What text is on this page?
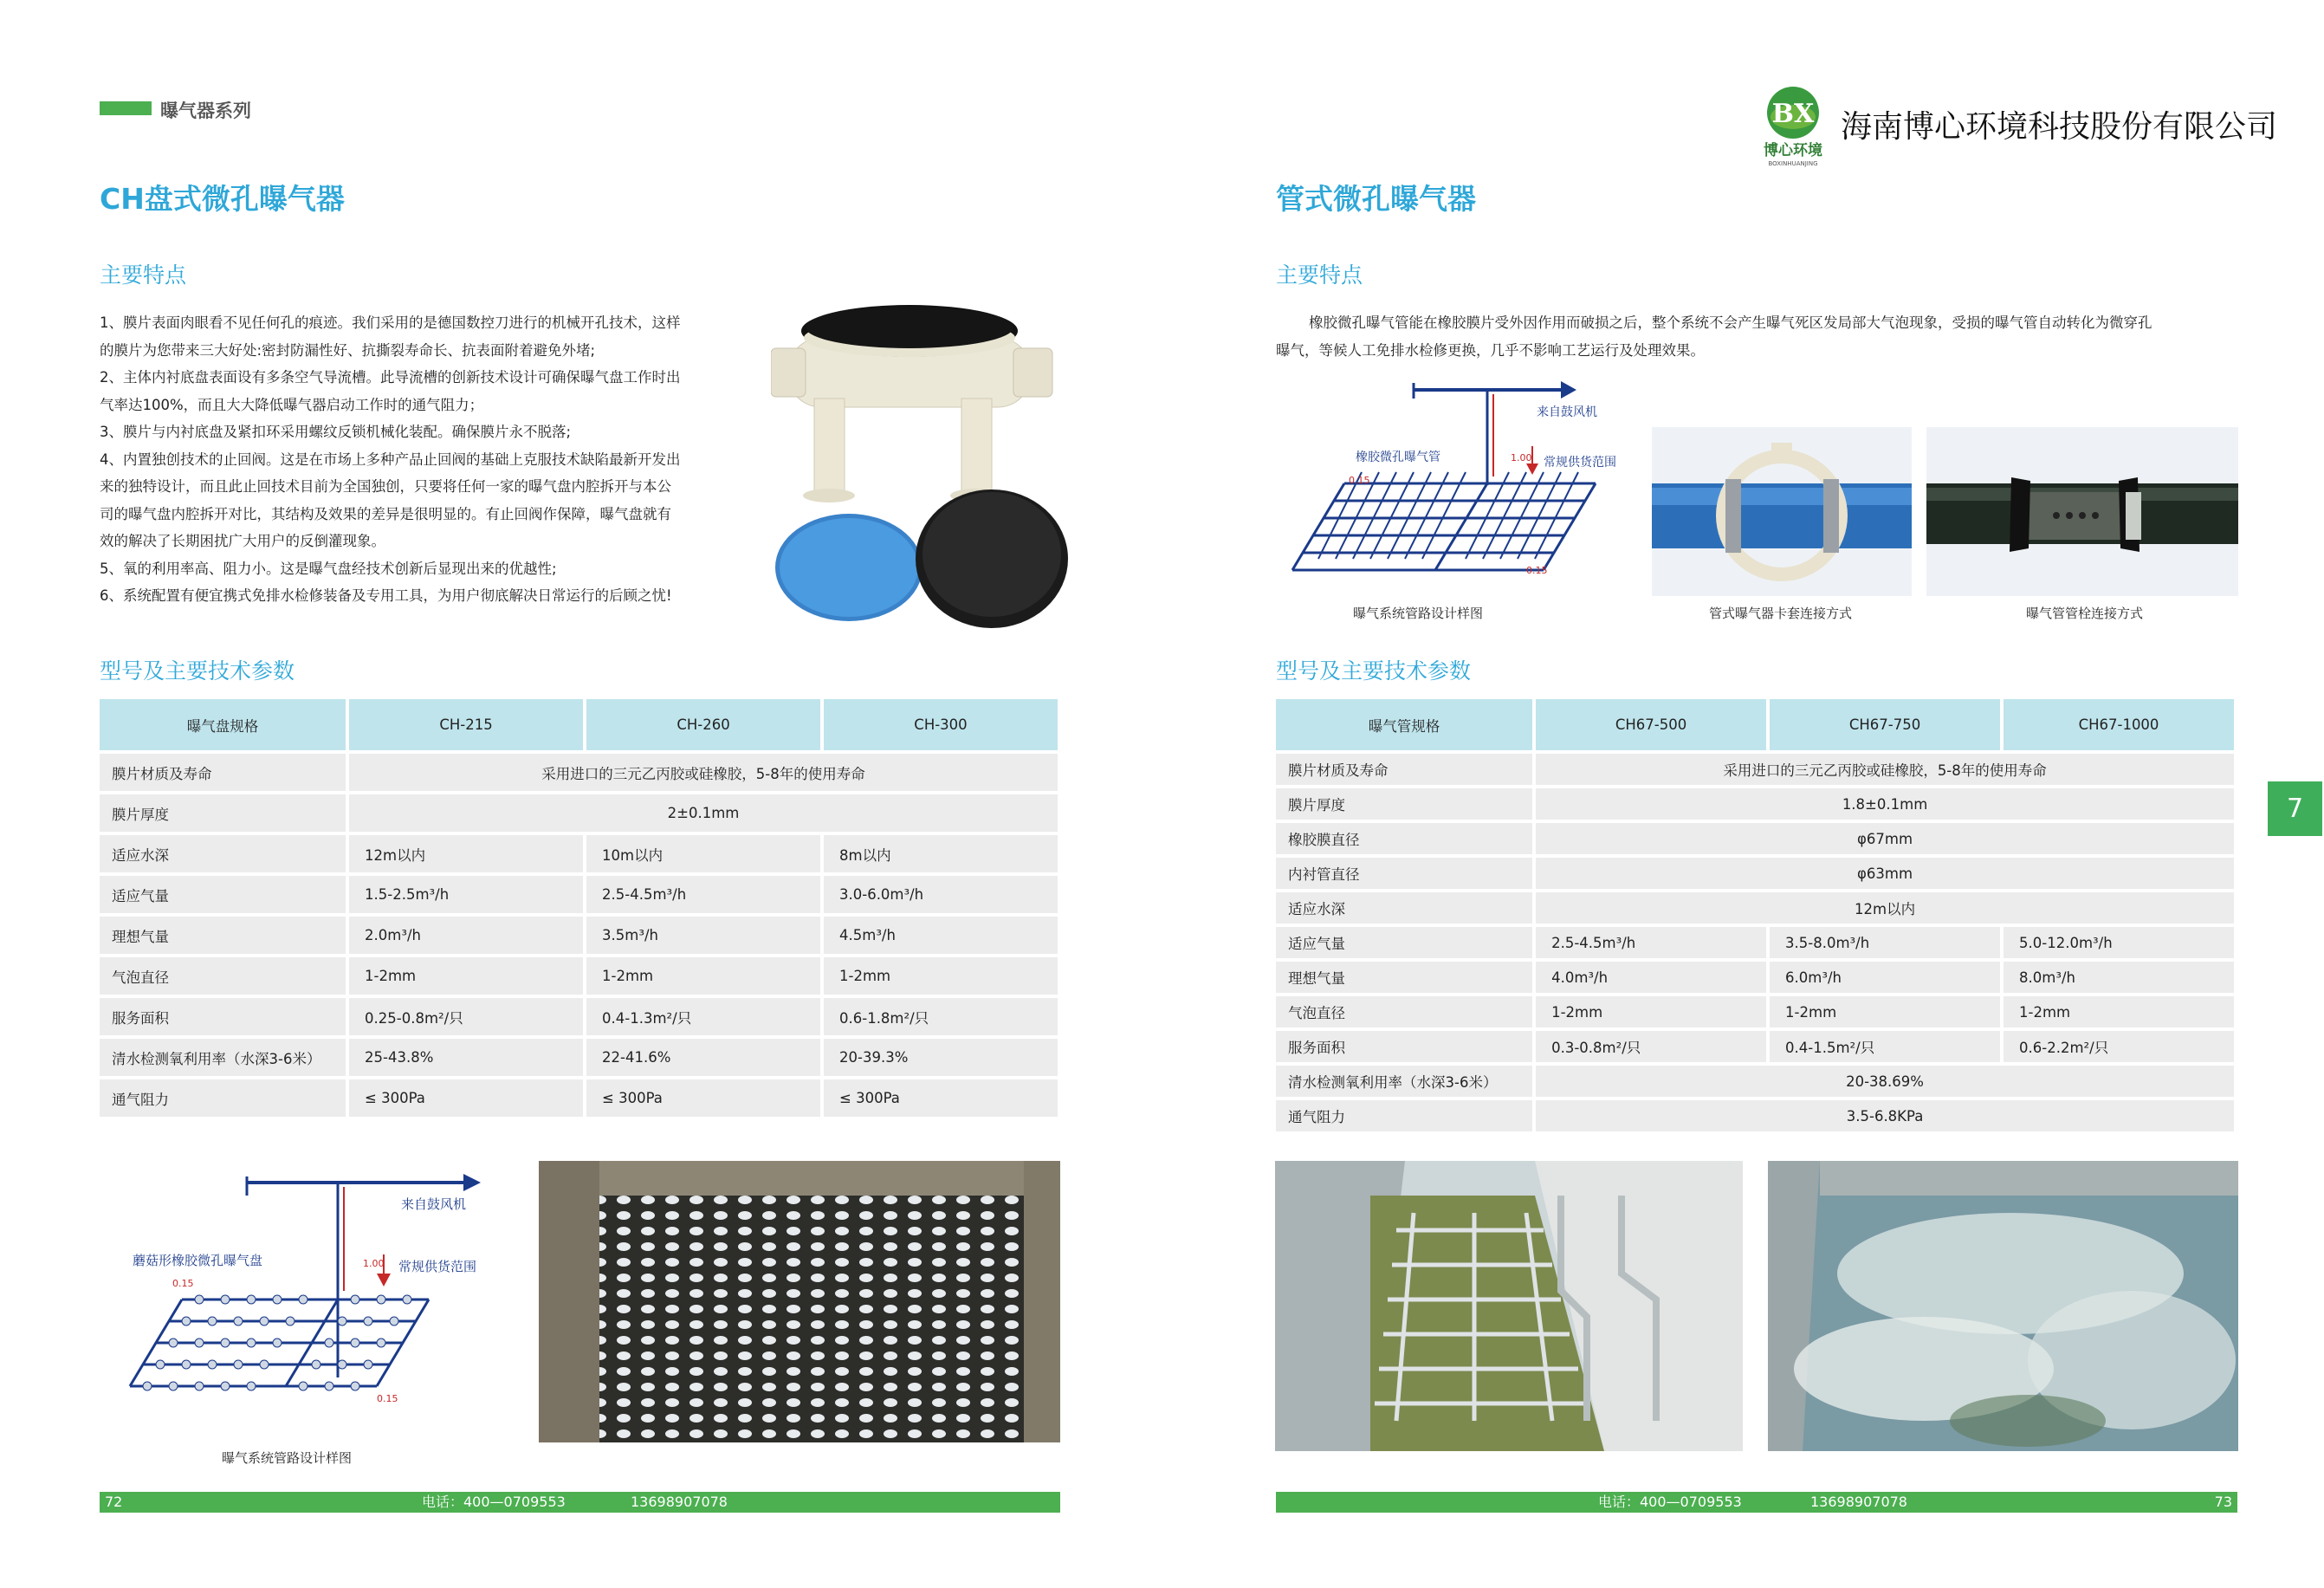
曝气器系列	BX
博心环境
BOXINHUANJING
海南博心环境科技股份有限公司
7
CH盘式微孔曝气器
主要特点
1、膜片表面肉眼看不见任何孔的痕迹。我们采用的是德国数控刀进行的机械开孔技术，这样
的膜片为您带来三大好处:密封防漏性好、抗撕裂寿命长、抗表面附着避免外堵;
2、主体内衬底盘表面设有多条空气导流槽。此导流槽的创新技术设计可确保曝气盘工作时出
气率达100%，而且大大降低曝气器启动工作时的通气阻力；
3、膜片与内衬底盘及紧扣环采用螺纹反锁机械化装配。确保膜片永不脱落;
4、内置独创技术的止回阀。这是在市场上多种产品止回阀的基础上克服技术缺陷最新开发出
来的独特设计，而且此止回技术目前为全国独创，只要将任何一家的曝气盘内腔拆开与本公
司的曝气盘内腔拆开对比，其结构及效果的差异是很明显的。有止回阀作保障，曝气盘就有
效的解决了长期困扰广大用户的反倒灌现象。
5、氧的利用率高、阻力小。这是曝气盘经技术创新后显现出来的优越性;
6、系统配置有便宜携式免排水检修装备及专用工具，为用户彻底解决日常运行的后顾之忧!
型号及主要技术参数
曝气盘规格	CH-215	CH-260	CH-300
膜片材质及寿命	采用进口的三元乙丙胶或硅橡胶，5-8年的使用寿命		
膜片厚度	2±0.1mm		
适应水深	12m以内	10m以内	8m以内
适应气量	1.5-2.5m³/h	2.5-4.5m³/h	3.0-6.0m³/h
理想气量	2.0m³/h	3.5m³/h	4.5m³/h
气泡直径	1-2mm	1-2mm	1-2mm
服务面积	0.25-0.8m²/只	0.4-1.3m²/只	0.6-1.8m²/只
清水检测氧利用率（水深3-6米）	25-43.8%	22-41.6%	20-39.3%
通气阻力	≤ 300Pa	≤ 300Pa	≤ 300Pa
来自鼓风机
蘑菇形橡胶微孔曝气盘	常规供货范围
0.15
1.00
0.15
曝气系统管路设计样图
72	电话：400—0709553	13698907078
管式微孔曝气器
主要特点
橡胶微孔曝气管能在橡胶膜片受外因作用而破损之后，整个系统不会产生曝气死区发局部大气泡现象，受损的曝气管自动转化为微穿孔
曝气，等候人工免排水检修更换，几乎不影响工艺运行及处理效果。
来自鼓风机
橡胶微孔曝气管	常规供货范围
0.15
1.00
0.15
曝气系统管路设计样图	管式曝气器卡套连接方式	曝气管管栓连接方式
型号及主要技术参数
曝气管规格	CH67-500	CH67-750	CH67-1000
膜片材质及寿命	采用进口的三元乙丙胶或硅橡胶，5-8年的使用寿命		
膜片厚度	1.8±0.1mm		
橡胶膜直径	φ67mm		
内衬管直径	φ63mm		
适应水深	12m以内		
适应气量	2.5-4.5m³/h	3.5-8.0m³/h	5.0-12.0m³/h
理想气量	4.0m³/h	6.0m³/h	8.0m³/h
气泡直径	1-2mm	1-2mm	1-2mm
服务面积	0.3-0.8m²/只	0.4-1.5m²/只	0.6-2.2m²/只
清水检测氧利用率（水深3-6米）	20-38.69%		
通气阻力	3.5-6.8KPa		
电话：400—0709553	13698907078	73
